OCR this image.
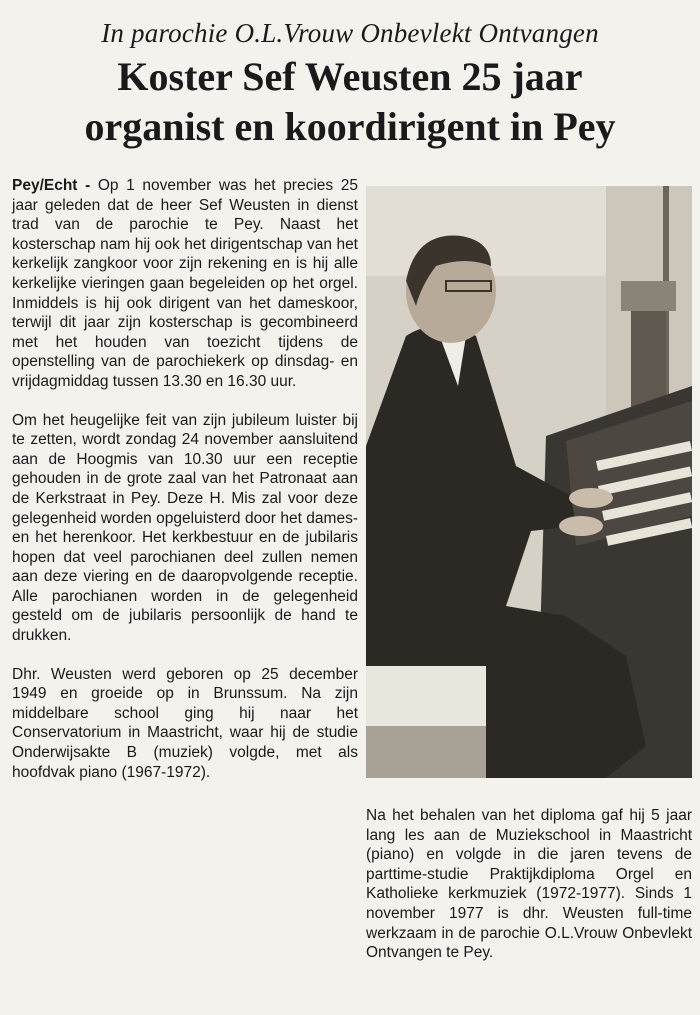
In parochie O.L.Vrouw Onbevlekt Ontvangen
Koster Sef Weusten 25 jaar
organist en koordirigent in Pey

Pey/Echt - Op 1 november was het precies 25 jaar geleden dat de heer Sef Weusten in dienst trad van de parochie te Pey. Naast het kosterschap nam hij ook het dirigentschap van het kerkelijk zangkoor voor zijn rekening en is hij alle kerkelijke vieringen gaan begeleiden op het orgel. Inmiddels is hij ook dirigent van het dameskoor, terwijl dit jaar zijn kosterschap is gecombineerd met het houden van toezicht tijdens de openstelling van de parochiekerk op dinsdag- en vrijdagmiddag tussen 13.30 en 16.30 uur.

Om het heugelijke feit van zijn jubileum luister bij te zetten, wordt zondag 24 november aansluitend aan de Hoogmis van 10.30 uur een receptie gehouden in de grote zaal van het Patronaat aan de Kerkstraat in Pey. Deze H. Mis zal voor deze gelegenheid worden opgeluisterd door het dames- en het herenkoor. Het kerkbestuur en de jubilaris hopen dat veel parochianen deel zullen nemen aan deze viering en de daaropvolgende receptie. Alle parochianen worden in de gelegenheid gesteld om de jubilaris persoonlijk de hand te drukken.

Dhr. Weusten werd geboren op 25 december 1949 en groeide op in Brunssum. Na zijn middelbare school ging hij naar het Conservatorium in Maastricht, waar hij de studie Onderwijsakte B (muziek) volgde, met als hoofdvak piano (1967-1972).

Na het behalen van het diploma gaf hij 5 jaar lang les aan de Muziekschool in Maastricht (piano) en volgde in die jaren tevens de parttime-studie Praktijkdiploma Orgel en Katholieke kerkmuziek (1972-1977). Sinds 1 november 1977 is dhr. Weusten full-time werkzaam in de parochie O.L.Vrouw Onbevlekt Ontvangen te Pey.
